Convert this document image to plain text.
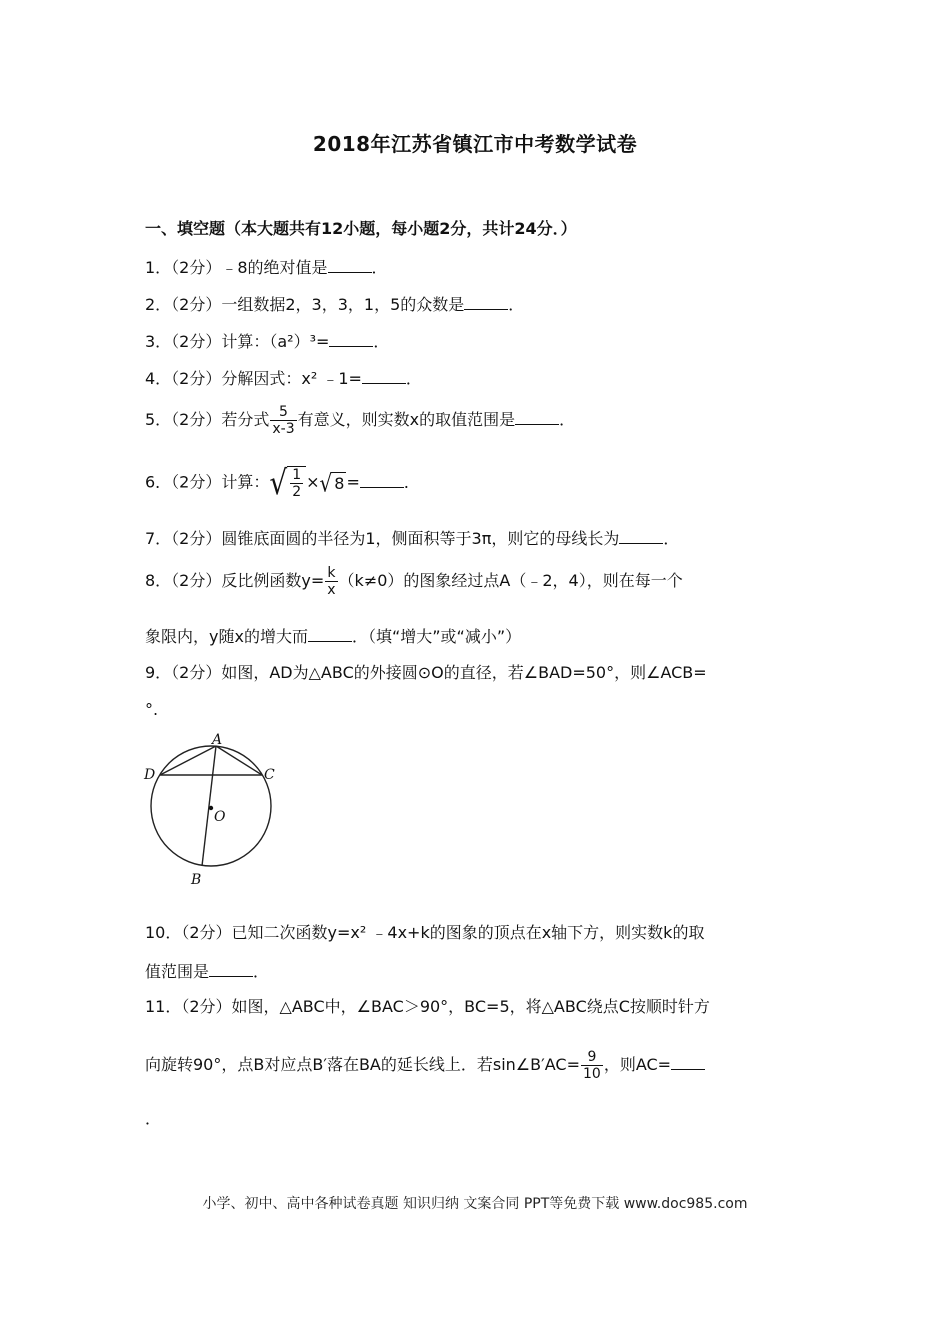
2018年江苏省镇江市中考数学试卷
一、填空题（本大题共有12小题，每小题2分，共计24分．）
1．（2分）﹣8的绝对值是	．
2．（2分）一组数据2，3，3，1，5的众数是	．
3．（2分）计算：（a²）³=	．
4．（2分）分解因式：x² ﹣1=	．
5．（2分）若分式 $\frac{5}{x-3}$ 有意义，则实数x的取值范围是	．
6．（2分）计算： √ $\frac{1}{2}$ × √ 8 =	．
7．（2分）圆锥底面圆的半径为1，侧面积等于3π，则它的母线长为	．
8．（2分）反比例函数$y= \frac{k}{x} (k\ne 0)$的图象经过点A（﹣2，4），则在每一个
象限内，y随x的增大而	．（填“增大”或“减小”）
9．（2分）如图，AD为△ABC的外接圆⊙O的直径，若∠BAD=50°，则∠ACB=
°.
A
D	C
O
B
10．（2分）已知二次函数y=x² ﹣4x+k的图象的顶点在x轴下方，则实数k的取
值范围是	．
11．（2分）如图，△ABC中，∠BAC＞90°，BC=5，将△ABC绕点C按顺时针方
向旋转90°，点B对应点B′落在BA的延长线上．若sin∠B′AC= $\frac{9}{10}$ ，则AC=
．
小学、初中、高中各种试卷真题 知识归纳 文案合同 PPT等免费下载 www.doc985.com
